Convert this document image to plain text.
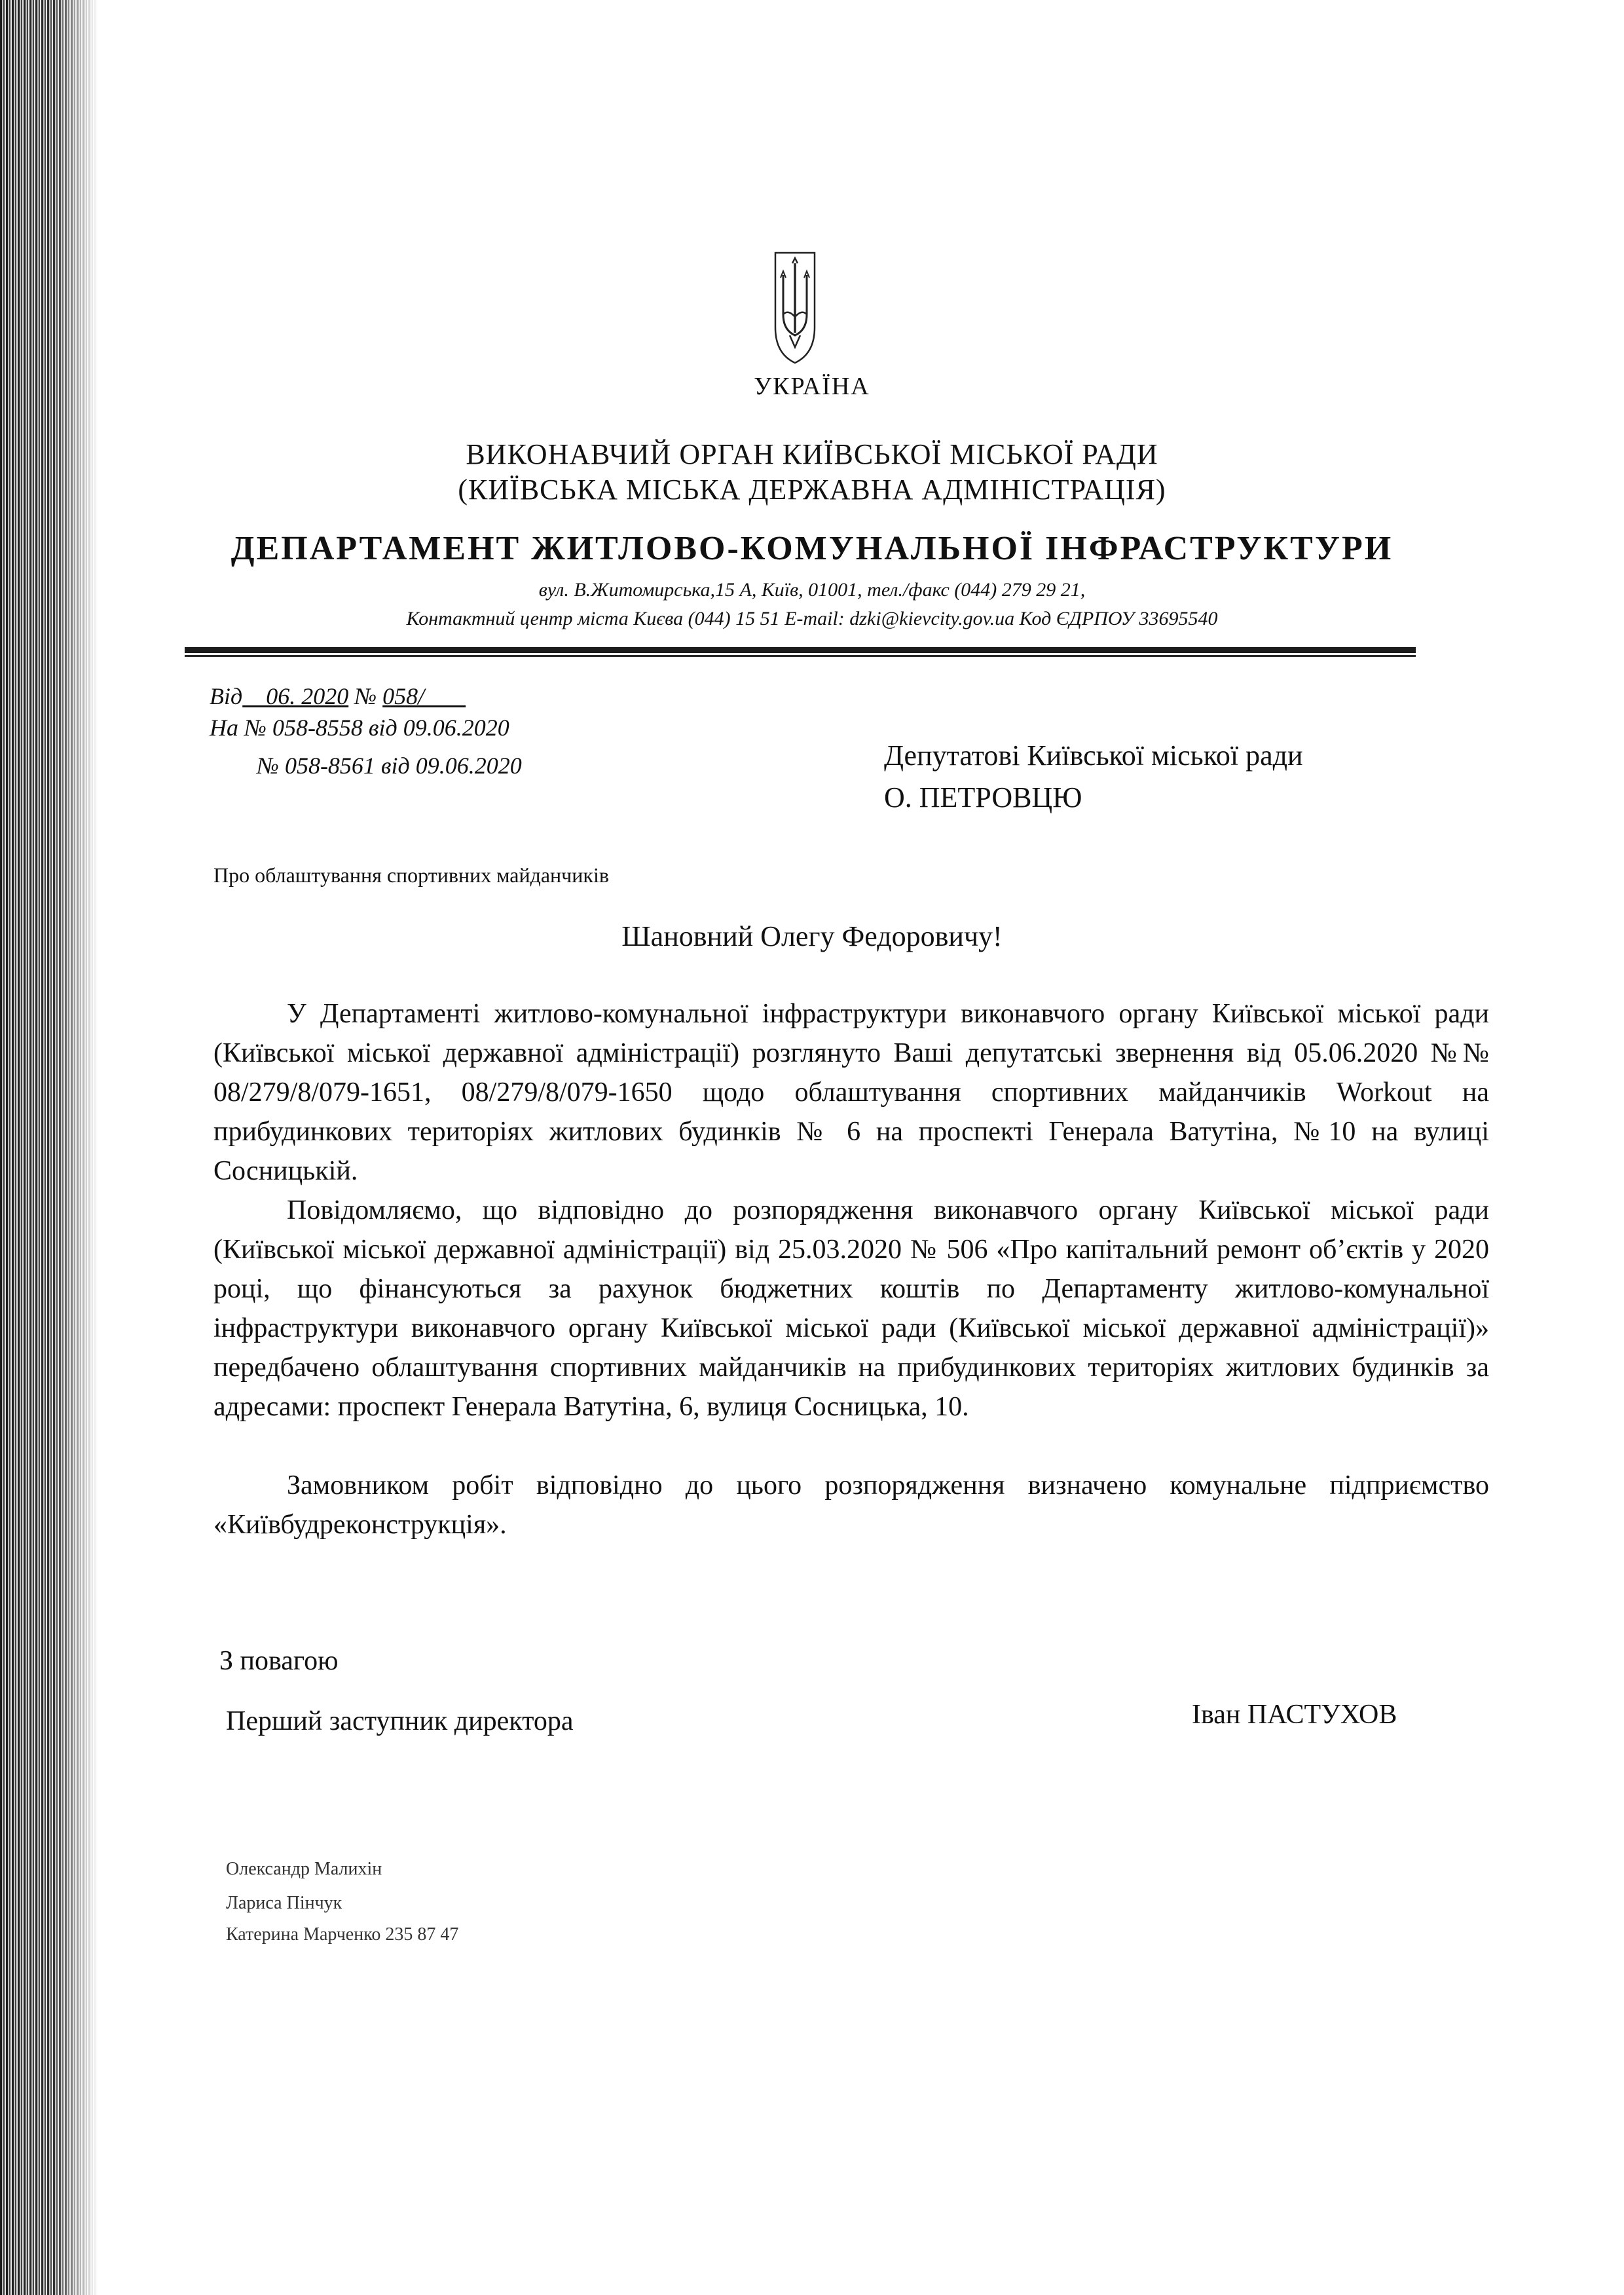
УКРАЇНА
ВИКОНАВЧИЙ ОРГАН КИЇВСЬКОЇ МІСЬКОЇ РАДИ
(КИЇВСЬКА МІСЬКА ДЕРЖАВНА АДМІНІСТРАЦІЯ)
ДЕПАРТАМЕНТ ЖИТЛОВО-КОМУНАЛЬНОЇ ІНФРАСТРУКТУРИ
вул. В.Житомирська,15 А, Київ, 01001, тел./факс (044) 279 29 21,
Контактний центр міста Києва (044) 15 51 E-mail: dzki@kievcity.gov.ua Код ЄДРПОУ 33695540
Від    06. 2020 № 058/
На № 058-8558 від 09.06.2020
№ 058-8561 від 09.06.2020	Депутатові Київської міської ради
О. ПЕТРОВЦЮ
Про облаштування спортивних майданчиків
Шановний Олегу Федоровичу!

У Департаменті житлово-комунальної інфраструктури виконавчого органу Київської міської ради (Київської міської державної адміністрації) розглянуто Ваші депутатські звернення від 05.06.2020 №№ 08/279/8/079-1651, 08/279/8/079-1650 щодо облаштування спортивних майданчиків Workout на прибудинкових територіях житлових будинків № 6 на проспекті Генерала Ватутіна, №10 на вулиці Сосницькій.

Повідомляємо, що відповідно до розпорядження виконавчого органу Київської міської ради (Київської міської державної адміністрації) від 25.03.2020 № 506 «Про капітальний ремонт об’єктів у 2020 році, що фінансуються за рахунок бюджетних коштів по Департаменту житлово-комунальної інфраструктури виконавчого органу Київської міської ради (Київської міської державної адміністрації)» передбачено облаштування спортивних майданчиків на прибудинкових територіях житлових будинків за адресами: проспект Генерала Ватутіна, 6, вулиця Сосницька, 10.

Замовником робіт відповідно до цього розпорядження визначено комунальне підприємство «Київбудреконструкція».

З повагою
Перший заступник директора	Іван ПАСТУХОВ
Олександр Малихін
Лариса Пінчук
Катерина Марченко 235 87 47
